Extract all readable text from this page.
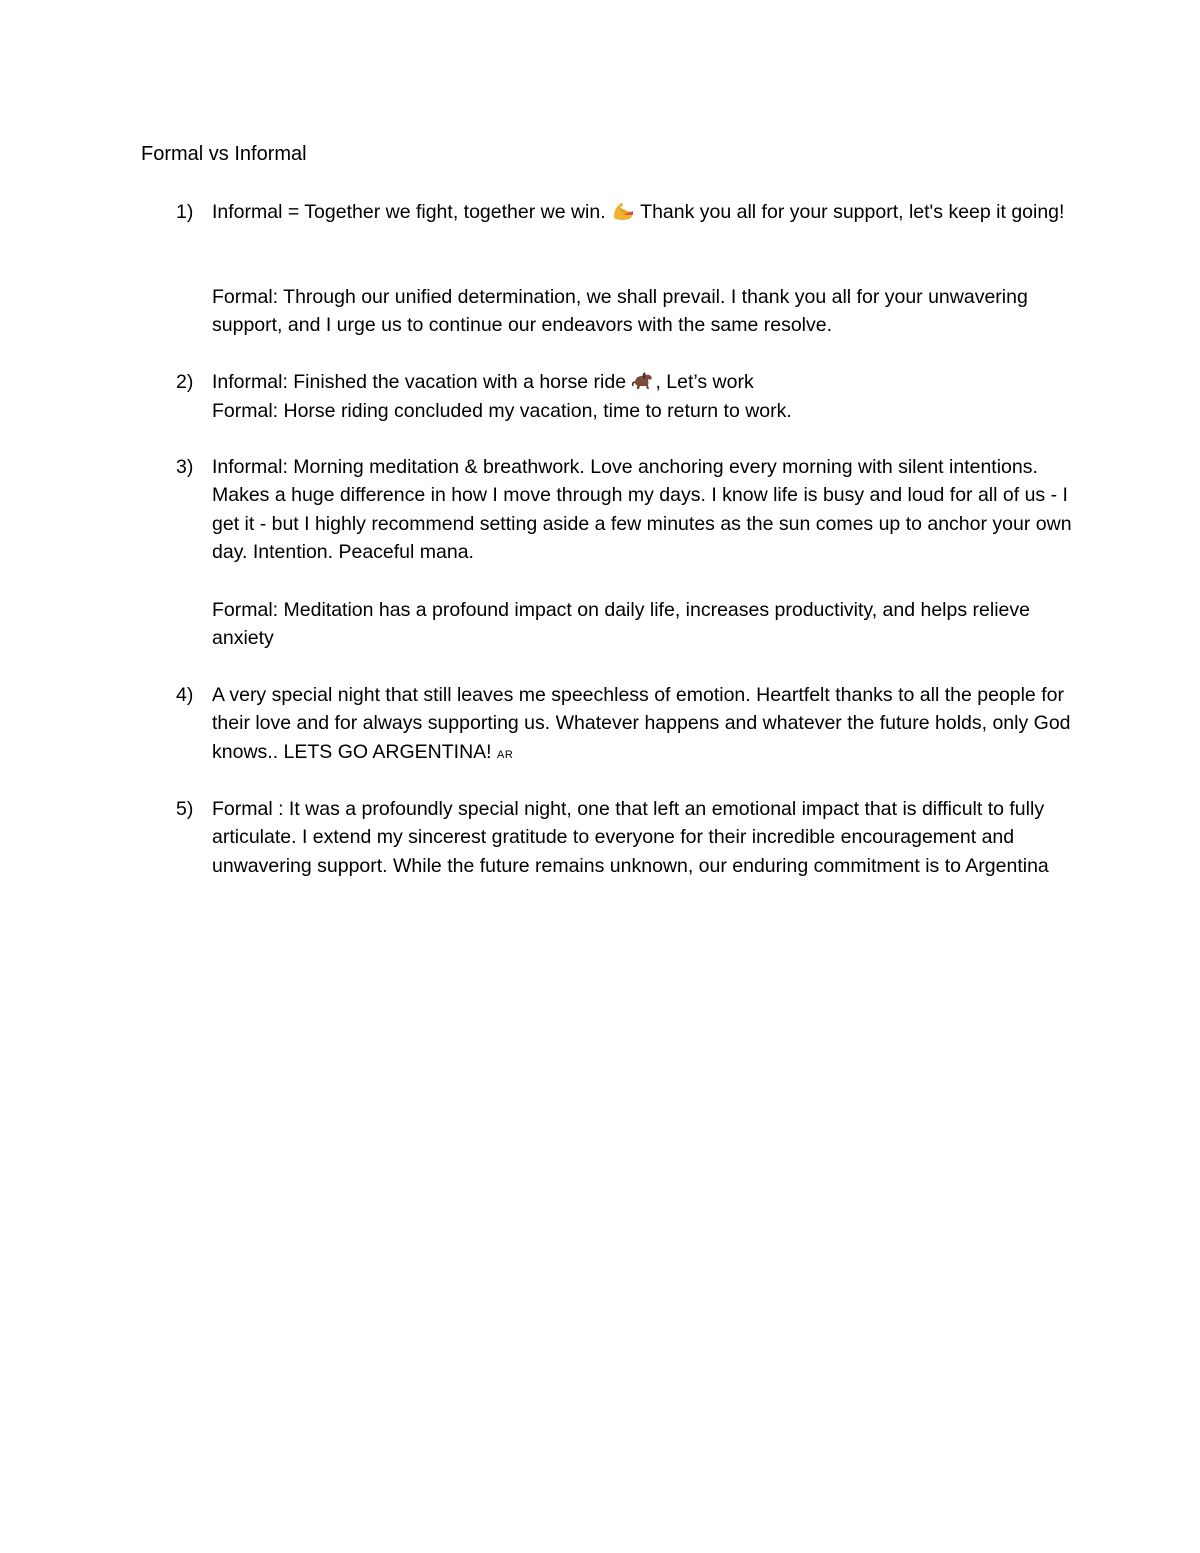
Formal vs Informal
1) Informal = Together we fight, together we win. Thank you all for your support, let's keep it going!

Formal: Through our unified determination, we shall prevail. I thank you all for your unwavering support, and I urge us to continue our endeavors with the same resolve.

2) Informal: Finished the vacation with a horse ride , Let’s work

Formal: Horse riding concluded my vacation, time to return to work.

3) Informal: Morning meditation & breathwork. Love anchoring every morning with silent intentions. Makes a huge difference in how I move through my days. I know life is busy and loud for all of us - I get it - but I highly recommend setting aside a few minutes as the sun comes up to anchor your own day. Intention. Peaceful mana.

Formal: Meditation has a profound impact on daily life, increases productivity, and helps relieve anxiety

4) A very special night that still leaves me speechless of emotion. Heartfelt thanks to all the people for their love and for always supporting us. Whatever happens and whatever the future holds, only God knows.. LETS GO ARGENTINA! AR

5) Formal : It was a profoundly special night, one that left an emotional impact that is difficult to fully articulate. I extend my sincerest gratitude to everyone for their incredible encouragement and unwavering support. While the future remains unknown, our enduring commitment is to Argentina
